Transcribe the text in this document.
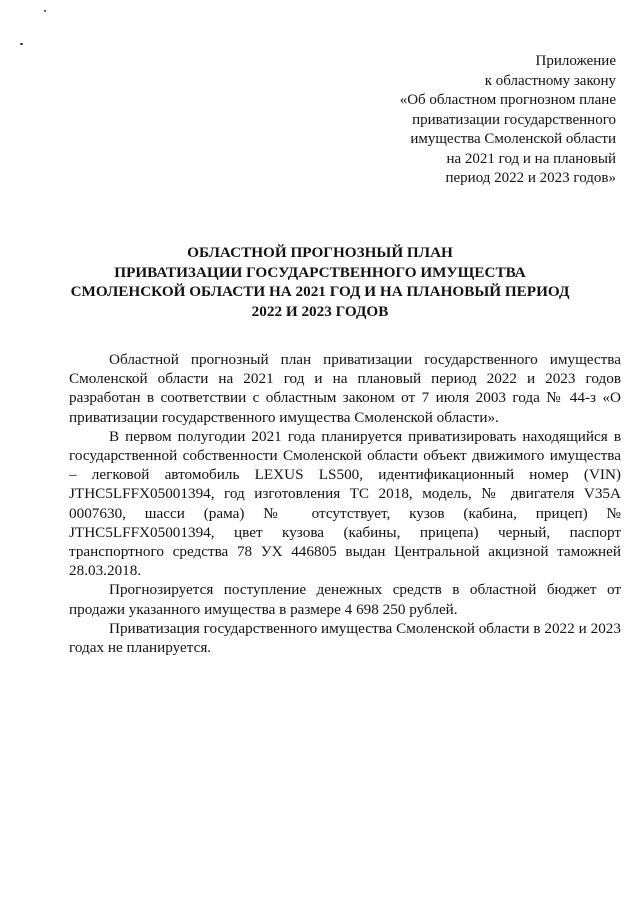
Приложение
к областному закону
«Об областном прогнозном плане
приватизации государственного
имущества Смоленской области
на 2021 год и на плановый
период 2022 и 2023 годов»
ОБЛАСТНОЙ ПРОГНОЗНЫЙ ПЛАН
ПРИВАТИЗАЦИИ ГОСУДАРСТВЕННОГО ИМУЩЕСТВА
СМОЛЕНСКОЙ ОБЛАСТИ НА 2021 ГОД И НА ПЛАНОВЫЙ ПЕРИОД
2022 И 2023 ГОДОВ

Областной прогнозный план приватизации государственного имущества Смоленской области на 2021 год и на плановый период 2022 и 2023 годов разработан в соответствии с областным законом от 7 июля 2003 года № 44-з «О приватизации государственного имущества Смоленской области».

В первом полугодии 2021 года планируется приватизировать находящийся в государственной собственности Смоленской области объект движимого имущества – легковой автомобиль LEXUS LS500, идентификационный номер (VIN) JTHC5LFFX05001394, год изготовления ТС 2018, модель, № двигателя V35A 0007630, шасси (рама) № отсутствует, кузов (кабина, прицеп) № JTHC5LFFX05001394, цвет кузова (кабины, прицепа) черный, паспорт транспортного средства 78 УХ 446805 выдан Центральной акцизной таможней 28.03.2018.

Прогнозируется поступление денежных средств в областной бюджет от продажи указанного имущества в размере 4 698 250 рублей.

Приватизация государственного имущества Смоленской области в 2022 и 2023 годах не планируется.
